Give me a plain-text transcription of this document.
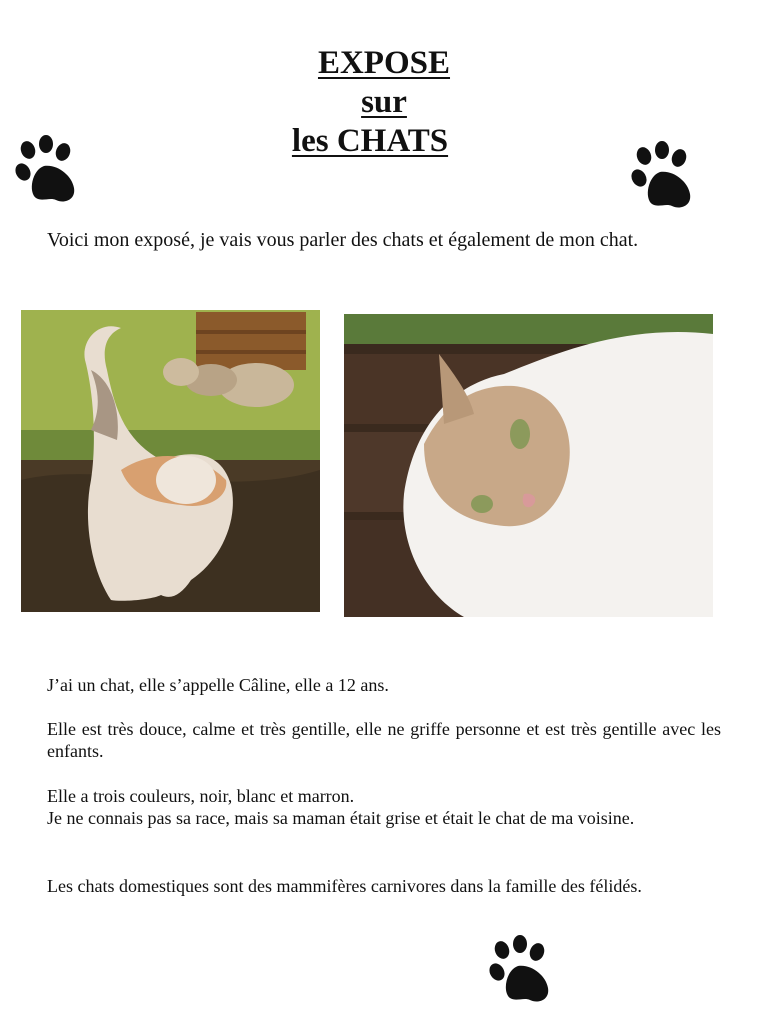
EXPOSE
sur
les CHATS

Voici mon exposé, je vais vous parler des chats et également de mon chat.

J’ai un chat, elle s’appelle Câline, elle a 12 ans.

Elle est très douce, calme et très gentille, elle ne griffe personne et est très gentille avec les enfants.

Elle a trois couleurs, noir, blanc et marron.
Je ne connais pas sa race, mais sa maman était grise et était le chat de ma voisine.

Les chats domestiques sont des mammifères carnivores dans la famille des félidés.
